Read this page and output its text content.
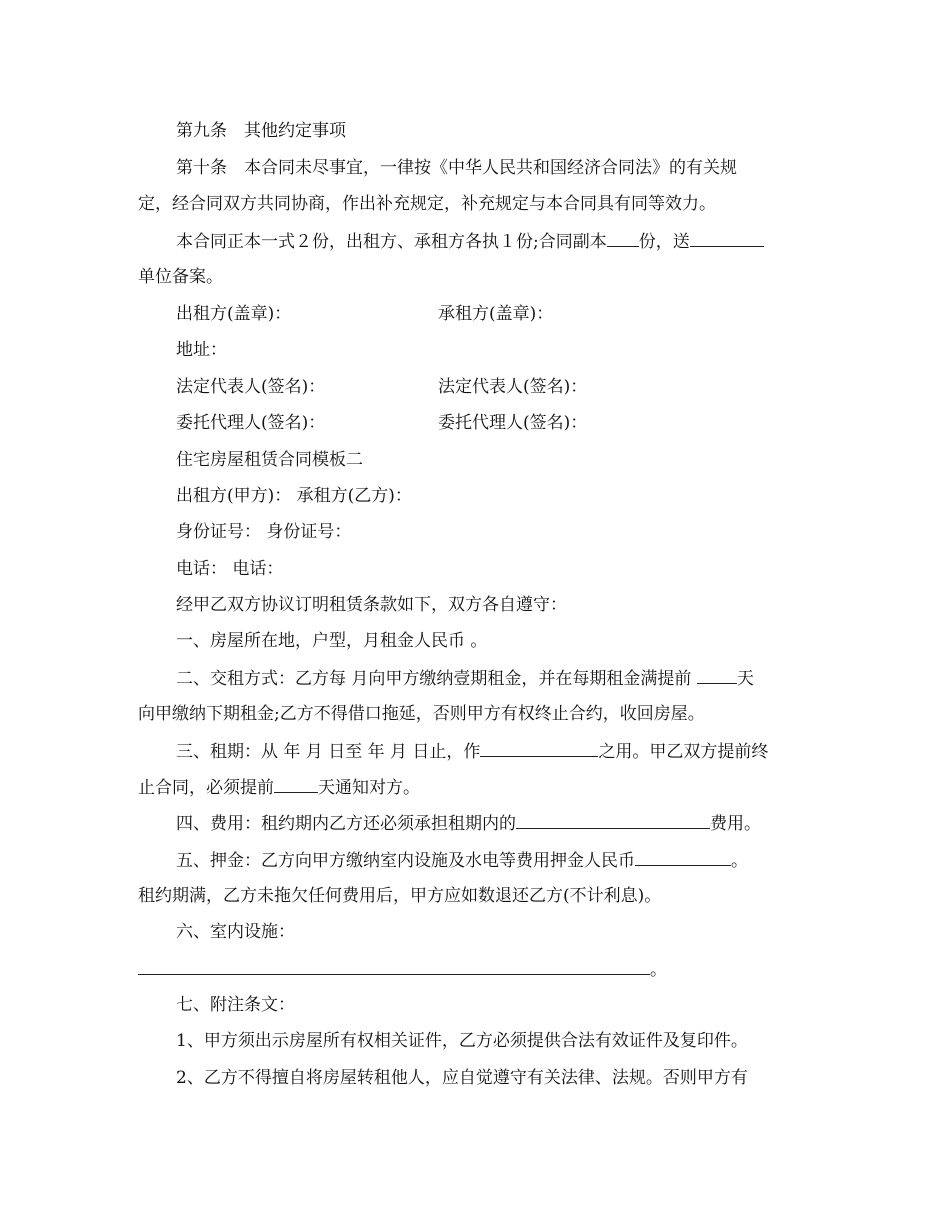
第九条　其他约定事项
第十条　本合同未尽事宜，一律按《中华人民共和国经济合同法》的有关规
定，经合同双方共同协商，作出补充规定，补充规定与本合同具有同等效力。
本合同正本一式２份，出租方、承租方各执１份;合同副本 份，送
单位备案。
出租方(盖章)：	承租方(盖章)：
地址：
法定代表人(签名)：	法定代表人(签名)：
委托代理人(签名)：	委托代理人(签名)：
住宅房屋租赁合同模板二
出租方(甲方)： 承租方(乙方)：
身份证号： 身份证号：
电话： 电话：
经甲乙双方协议订明租赁条款如下，双方各自遵守：
一、房屋所在地，户型，月租金人民币 。
二、交租方式：乙方每 月向甲方缴纳壹期租金，并在每期租金满提前 天
向甲缴纳下期租金;乙方不得借口拖延，否则甲方有权终止合约，收回房屋。
三、租期：从 年 月 日至 年 月 日止，作	之用。甲乙双方提前终
止合同，必须提前	天通知对方。
四、费用：租约期内乙方还必须承担租期内的	费用。
五、押金：乙方向甲方缴纳室内设施及水电等费用押金人民币	。
租约期满，乙方未拖欠任何费用后，甲方应如数退还乙方(不计利息)。
六、室内设施：
。
七、附注条文：
1、甲方须出示房屋所有权相关证件，乙方必须提供合法有效证件及复印件。
2、乙方不得擅自将房屋转租他人，应自觉遵守有关法律、法规。否则甲方有
